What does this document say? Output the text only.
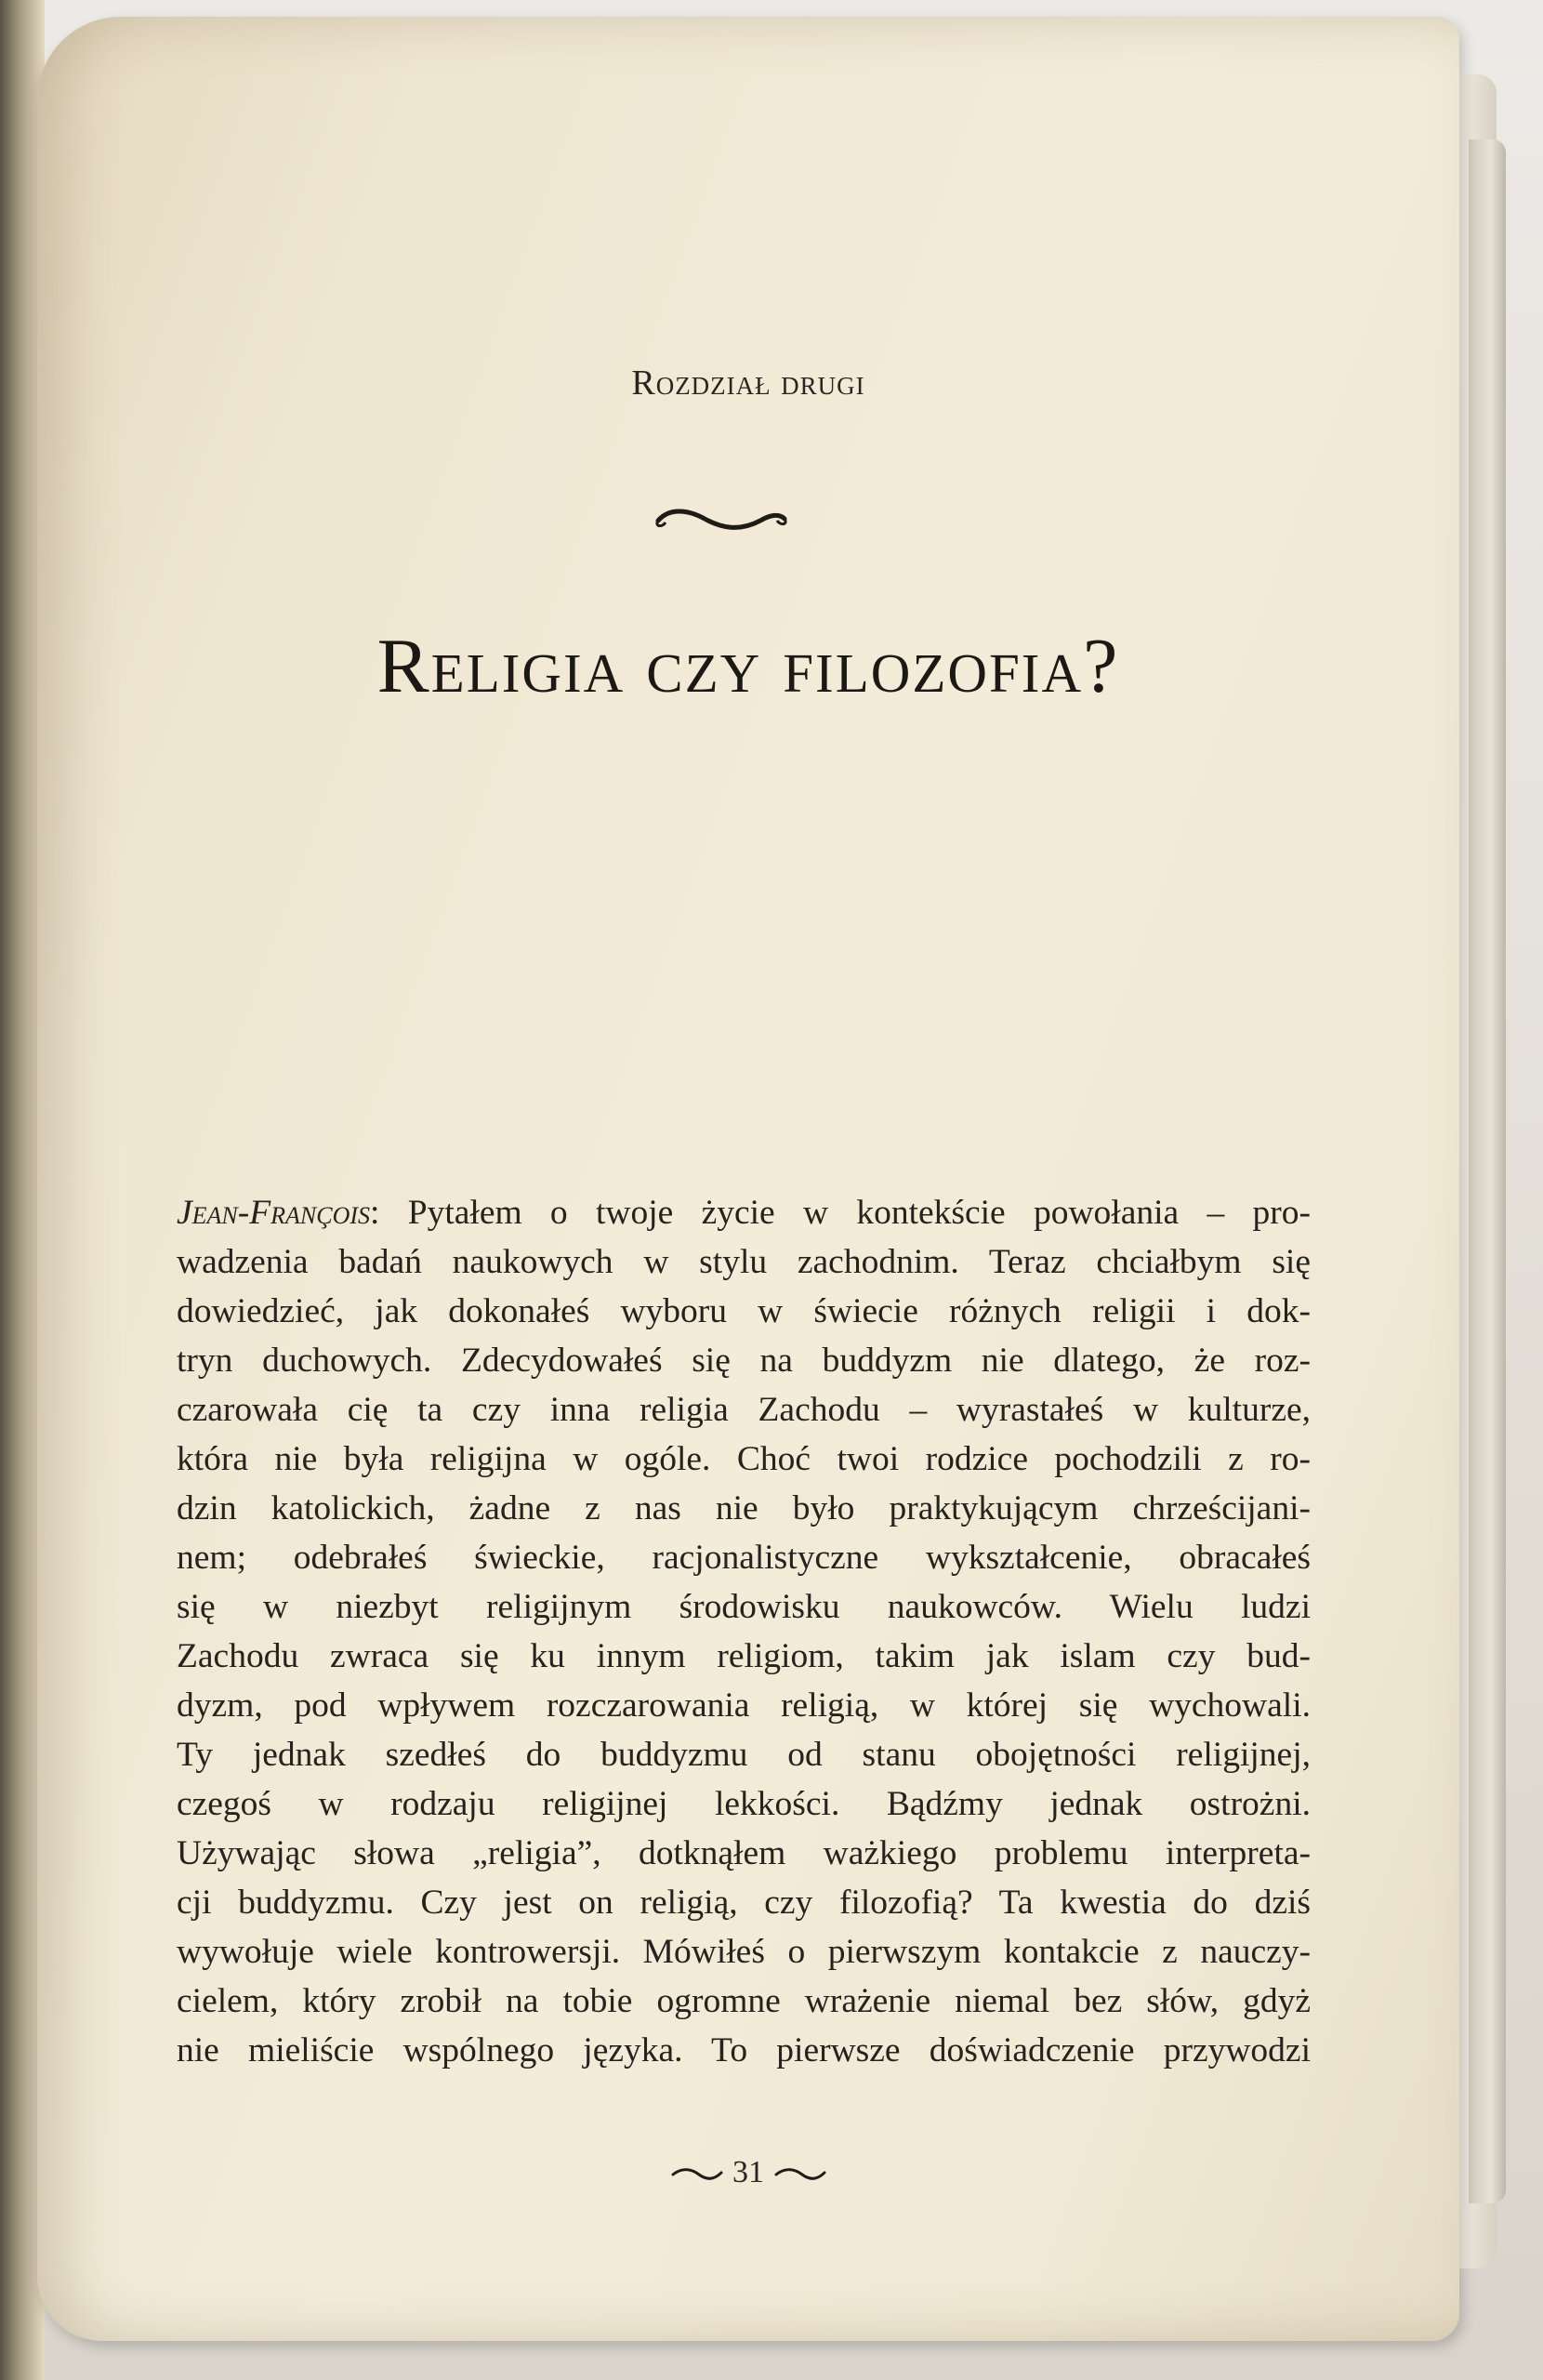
Rozdział drugi
Religia czy filozofia?
Jean-François: Pytałem o twoje życie w kontekście powołania – pro-
wadzenia badań naukowych w stylu zachodnim. Teraz chciałbym się
dowiedzieć, jak dokonałeś wyboru w świecie różnych religii i dok-
tryn duchowych. Zdecydowałeś się na buddyzm nie dlatego, że roz-
czarowała cię ta czy inna religia Zachodu – wyrastałeś w kulturze,
która nie była religijna w ogóle. Choć twoi rodzice pochodzili z ro-
dzin katolickich, żadne z nas nie było praktykującym chrześcijani-
nem; odebrałeś świeckie, racjonalistyczne wykształcenie, obracałeś
się w niezbyt religijnym środowisku naukowców. Wielu ludzi
Zachodu zwraca się ku innym religiom, takim jak islam czy bud-
dyzm, pod wpływem rozczarowania religią, w której się wychowali.
Ty jednak szedłeś do buddyzmu od stanu obojętności religijnej,
czegoś w rodzaju religijnej lekkości. Bądźmy jednak ostrożni.
Używając słowa „religia”, dotknąłem ważkiego problemu interpreta-
cji buddyzmu. Czy jest on religią, czy filozofią? Ta kwestia do dziś
wywołuje wiele kontrowersji. Mówiłeś o pierwszym kontakcie z nauczy-
cielem, który zrobił na tobie ogromne wrażenie niemal bez słów, gdyż
nie mieliście wspólnego języka. To pierwsze doświadczenie przywodzi
31
